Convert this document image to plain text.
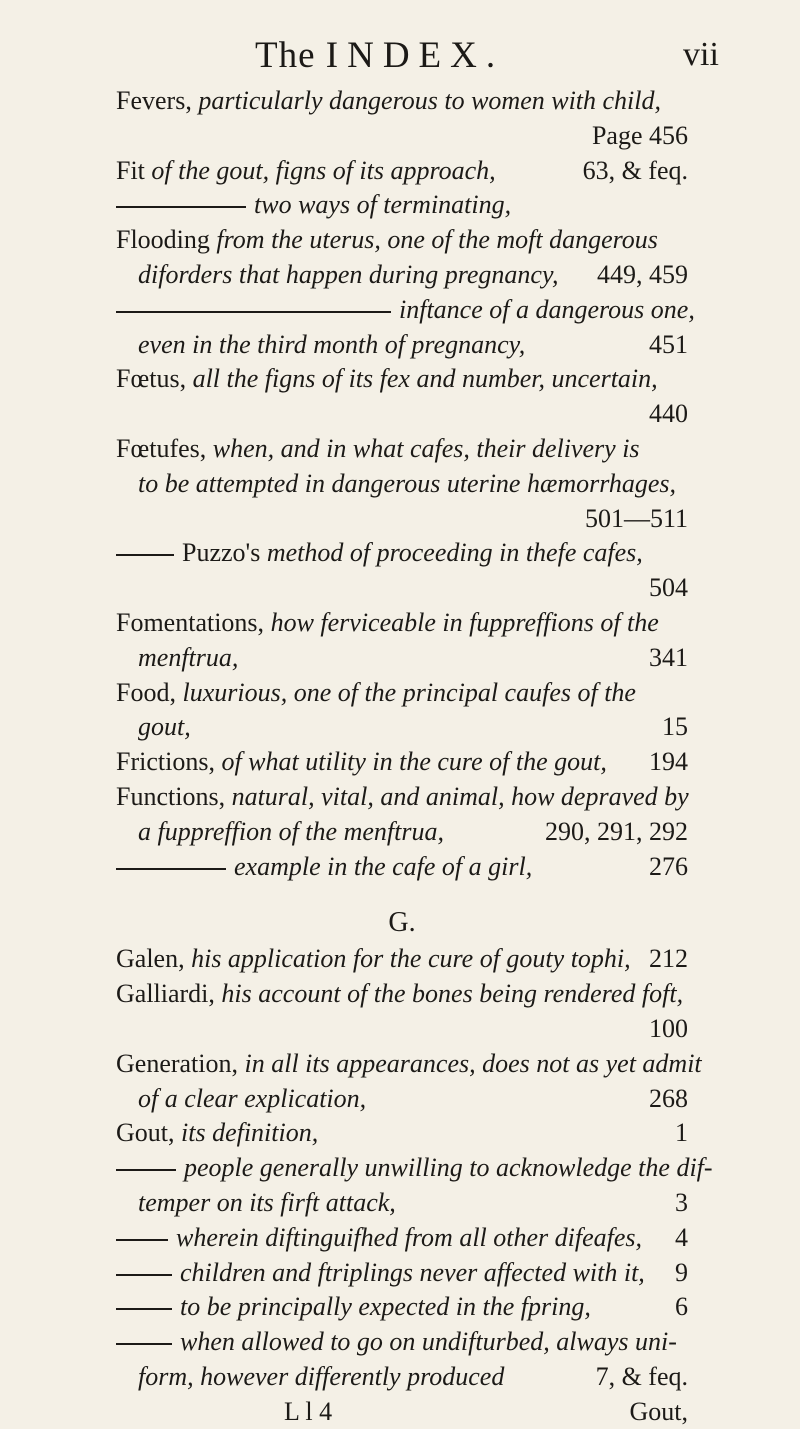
The INDEX.	vii
Fevers, particularly dangerous to women with child,
Page 456
Fit of the gout, figns of its approach,	63, & feq.
two ways of terminating,
Flooding from the uterus, one of the moft dangerous
diforders that happen during pregnancy, 449, 459
inftance of a dangerous one,
even in the third month of pregnancy,	451
Fœtus, all the figns of its fex and number, uncertain,
440
Fœtufes, when, and in what cafes, their delivery is
to be attempted in dangerous uterine hæmorrhages,
501—511
Puzzo's method of proceeding in thefe cafes,
504
Fomentations, how ferviceable in fuppreffions of the
menftrua,	341
Food, luxurious, one of the principal caufes of the
gout,	15
Frictions, of what utility in the cure of the gout, 194
Functions, natural, vital, and animal, how depraved by
a fuppreffion of the menftrua,	290, 291, 292
example in the cafe of a girl,	276
G.
Galen, his application for the cure of gouty tophi, 212
Galliardi, his account of the bones being rendered foft,
100
Generation, in all its appearances, does not as yet admit
of a clear explication,	268
Gout, its definition,	1
people generally unwilling to acknowledge the dif-
temper on its firft attack,	3
wherein diftinguifhed from all other difeafes, 4
children and ftriplings never affected with it, 9
to be principally expected in the fpring,	6
when allowed to go on undifturbed, always uni-
form, however differently produced	7, & feq.
L l 4	Gout,
